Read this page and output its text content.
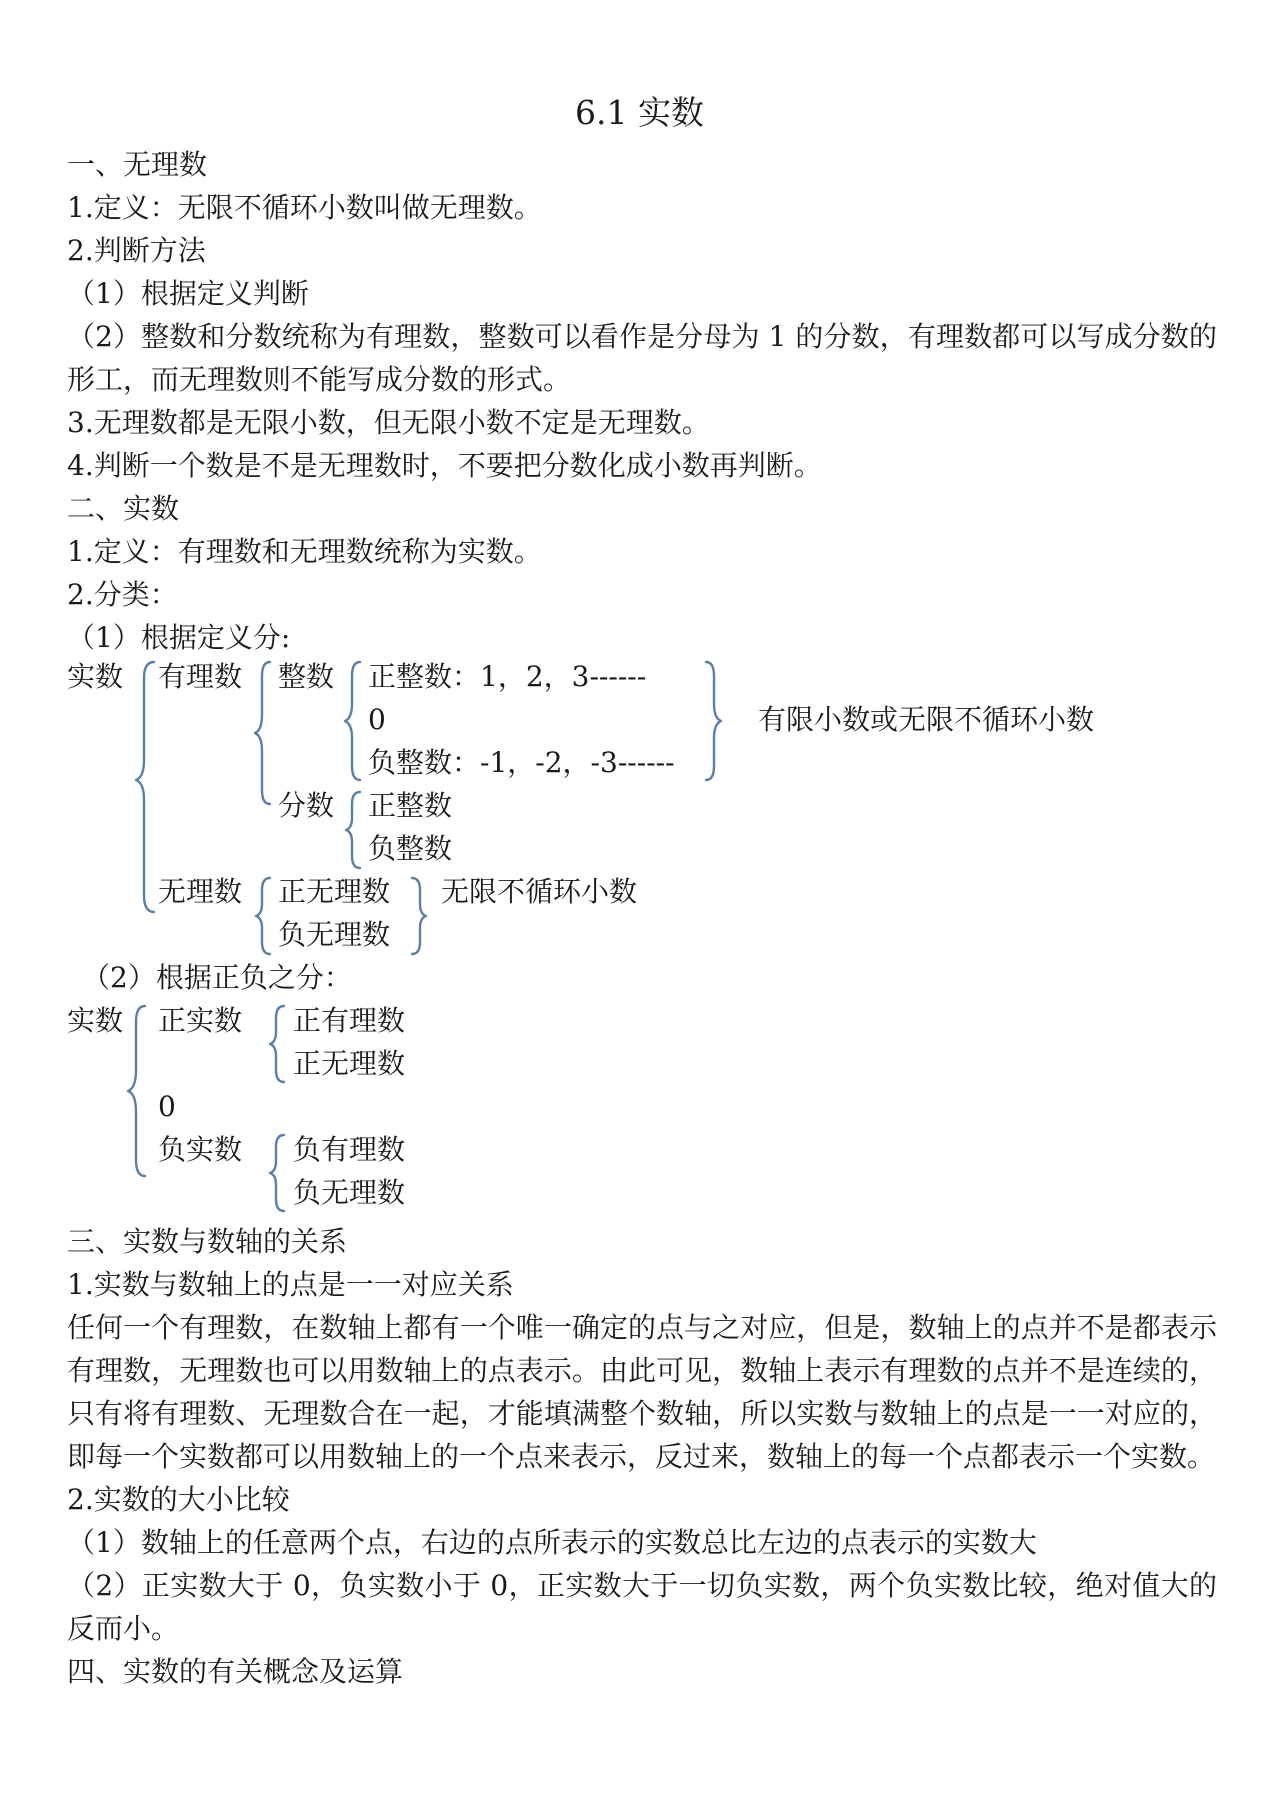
6.1 实数

一、无理数

1.定义：无限不循环小数叫做无理数。

2.判断方法

（1）根据定义判断

（2）整数和分数统称为有理数，整数可以看作是分母为 1 的分数，有理数都可以写成分数的形工，而无理数则不能写成分数的形式。

3.无理数都是无限小数，但无限小数不定是无理数。

4.判断一个数是不是无理数时，不要把分数化成小数再判断。

二、实数

1.定义：有理数和无理数统称为实数。

2.分类：

（1）根据定义分:

实数 有理数 整数 正整数：1，2，3------
0
负整数：-1，-2，-3------
有限小数或无限不循环小数
分数 正整数
负整数
无理数 正无理数
负无理数
无限不循环小数
（2）根据正负之分：
实数 正实数 正有理数
正无理数
0
负实数 负有理数
负无理数

三、实数与数轴的关系

1.实数与数轴上的点是一一对应关系

任何一个有理数，在数轴上都有一个唯一确定的点与之对应，但是，数轴上的点并不是都表示有理数，无理数也可以用数轴上的点表示。由此可见，数轴上表示有理数的点并不是连续的，只有将有理数、无理数合在一起，才能填满整个数轴，所以实数与数轴上的点是一一对应的，即每一个实数都可以用数轴上的一个点来表示，反过来，数轴上的每一个点都表示一个实数。

2.实数的大小比较

（1）数轴上的任意两个点，右边的点所表示的实数总比左边的点表示的实数大

（2）正实数大于 0，负实数小于 0，正实数大于一切负实数，两个负实数比较，绝对值大的反而小。

四、实数的有关概念及运算
